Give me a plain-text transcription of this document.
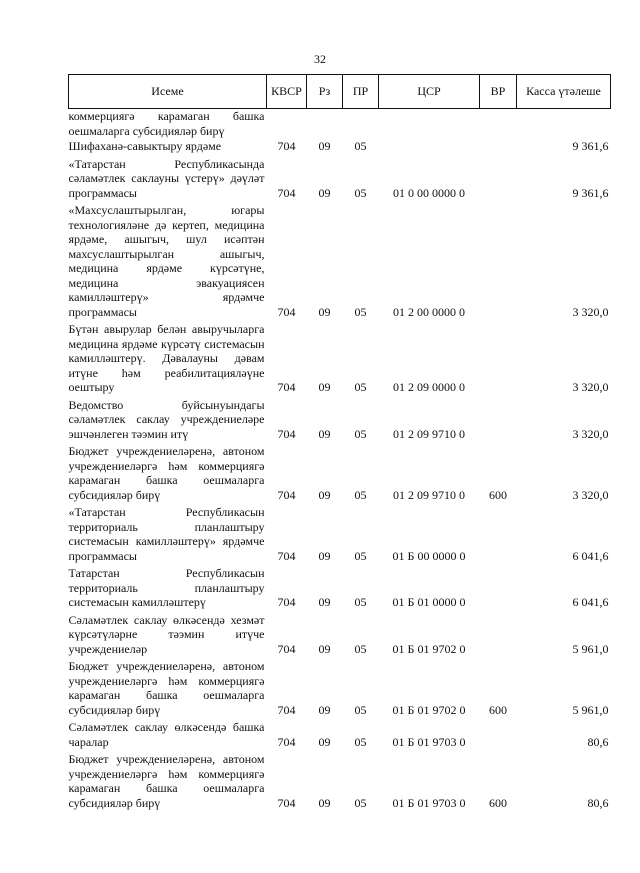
32
Исеме	КВСР	Рз	ПР	ЦСР	ВР	Касса үтәлеше
коммерциягә карамаган башка оешмаларга субсидияләр бирү						
Шифаханә-савыктыру ярдәме	704	09	05			9 361,6
«Татарстан Республикасында сәламәтлек саклауны үстерү» дәүләт программасы	704	09	05	01 0 00 0000 0		9 361,6
«Махсуслаштырылган, югары технологияләне дә кертеп, медицина ярдәме, ашыгыч, шул исәптән махсуслаштырылган ашыгыч, медицина ярдәме күрсәтүне, медицина эвакуациясен камилләштерү» ярдәмче программасы	704	09	05	01 2 00 0000 0		3 320,0
Бүтән авырулар белән авыручыларга медицина ярдәме күрсәтү системасын камилләштерү. Дәвалауны дәвам итүне һәм реабилитацияләүне оештыру	704	09	05	01 2 09 0000 0		3 320,0
Ведомство буйсынуындагы сәламәтлек саклау учреждениеләре эшчәнлеген тәэмин итү	704	09	05	01 2 09 9710 0		3 320,0
Бюджет учреждениеләренә, автоном учреждениеләргә һәм коммерциягә карамаган башка оешмаларга субсидияләр бирү	704	09	05	01 2 09 9710 0	600	3 320,0
«Татарстан Республикасын территориаль планлаштыру системасын камилләштерү» ярдәмче программасы	704	09	05	01 Б 00 0000 0		6 041,6
Татарстан Республикасын территориаль планлаштыру системасын камилләштерү	704	09	05	01 Б 01 0000 0		6 041,6
Сәламәтлек саклау өлкәсендә хезмәт күрсәтүләрне тәэмин итүче учреждениеләр	704	09	05	01 Б 01 9702 0		5 961,0
Бюджет учреждениеләренә, автоном учреждениеләргә һәм коммерциягә карамаган башка оешмаларга субсидияләр бирү	704	09	05	01 Б 01 9702 0	600	5 961,0
Сәламәтлек саклау өлкәсендә башка чаралар	704	09	05	01 Б 01 9703 0		80,6
Бюджет учреждениеләренә, автоном учреждениеләргә һәм коммерциягә карамаган башка оешмаларга субсидияләр бирү	704	09	05	01 Б 01 9703 0	600	80,6
